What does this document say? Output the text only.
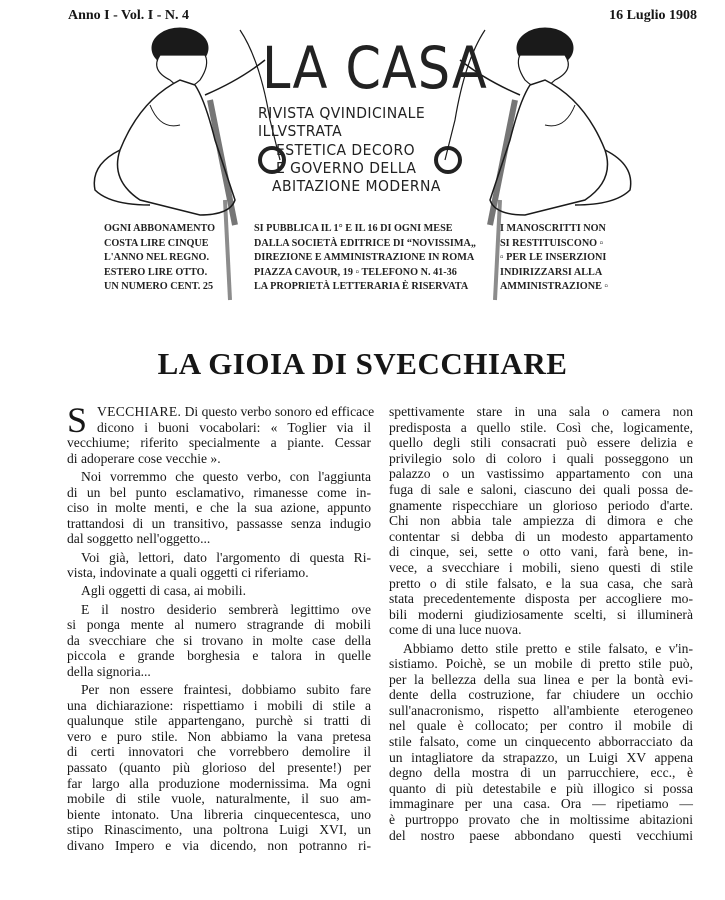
Anno I - Vol. I - N. 4	16 Luglio 1908
LA CASA
RIVISTA QVINDICINALE
ILLVSTRATA
ESTETICA DECORO
E GOVERNO DELLA
ABITAZIONE MODERNA
OGNI ABBONAMENTO
COSTA LIRE CINQUE
L'ANNO NEL REGNO.
ESTERO LIRE OTTO.
UN NUMERO CENT. 25
SI PUBBLICA IL 1° E IL 16 DI OGNI MESE
DALLA SOCIETÀ EDITRICE DI “NOVISSIMA„
DIREZIONE E AMMINISTRAZIONE IN ROMA
PIAZZA CAVOUR, 19 ▫ TELEFONO N. 41-36
LA PROPRIETÀ LETTERARIA È RISERVATA
I MANOSCRITTI NON
SI RESTITUISCONO ▫
▫ PER LE INSERZIONI
INDIRIZZARSI ALLA
AMMINISTRAZIONE ▫
LA GIOIA DI SVECCHIARE
S VECCHIARE. Di questo verbo sonoro ed efficace
dicono i buoni vocabolari: « Toglier via il
vecchiume; riferito specialmente a piante. Cessar
di adoperare cose vecchie ».
Noi vorremmo che questo verbo, con l'aggiunta
di un bel punto esclamativo, rimanesse come in-
ciso in molte menti, e che la sua azione, appunto
trattandosi di un transitivo, passasse senza indugio
dal soggetto nell'oggetto...
Voi già, lettori, dato l'argomento di questa Ri-
vista, indovinate a quali oggetti ci riferiamo.
Agli oggetti di casa, ai mobili.
E il nostro desiderio sembrerà legittimo ove
si ponga mente al numero stragrande di mobili
da svecchiare che si trovano in molte case della
piccola e grande borghesia e talora in quelle
della signoria...
Per non essere fraintesi, dobbiamo subito fare
una dichiarazione: rispettiamo i mobili di stile a
qualunque stile appartengano, purchè si tratti di
vero e puro stile. Non abbiamo la vana pretesa
di certi innovatori che vorrebbero demolire il
passato (quanto più glorioso del presente!) per
far largo alla produzione modernissima. Ma ogni
mobile di stile vuole, naturalmente, il suo am-
biente intonato. Una libreria cinquecentesca, uno
stipo Rinascimento, una poltrona Luigi XVI, un
divano Impero e via dicendo, non potranno ri-
spettivamente stare in una sala o camera non
predisposta a quello stile. Così che, logicamente,
quello degli stili consacrati può essere delizia e
privilegio solo di coloro i quali posseggono un
palazzo o un vastissimo appartamento con una
fuga di sale e saloni, ciascuno dei quali possa de-
gnamente rispecchiare un glorioso periodo d'arte.
Chi non abbia tale ampiezza di dimora e che
contentar si debba di un modesto appartamento
di cinque, sei, sette o otto vani, farà bene, in-
vece, a svecchiare i mobili, sieno questi di stile
pretto o di stile falsato, e la sua casa, che sarà
stata precedentemente disposta per accogliere mo-
bili moderni giudiziosamente scelti, si illuminerà
come di una luce nuova.
Abbiamo detto stile pretto e stile falsato, e v'in-
sistiamo. Poichè, se un mobile di pretto stile può,
per la bellezza della sua linea e per la bontà evi-
dente della costruzione, far chiudere un occhio
sull'anacronismo, rispetto all'ambiente eterogeneo
nel quale è collocato; per contro il mobile di
stile falsato, come un cinquecento abborracciato da
un intagliatore da strapazzo, un Luigi XV appena
degno della mostra di un parrucchiere, ecc., è
quanto di più detestabile e più illogico si possa
immaginare per una casa. Ora — ripetiamo —
è purtroppo provato che in moltissime abitazioni
del nostro paese abbondano questi vecchiumi
